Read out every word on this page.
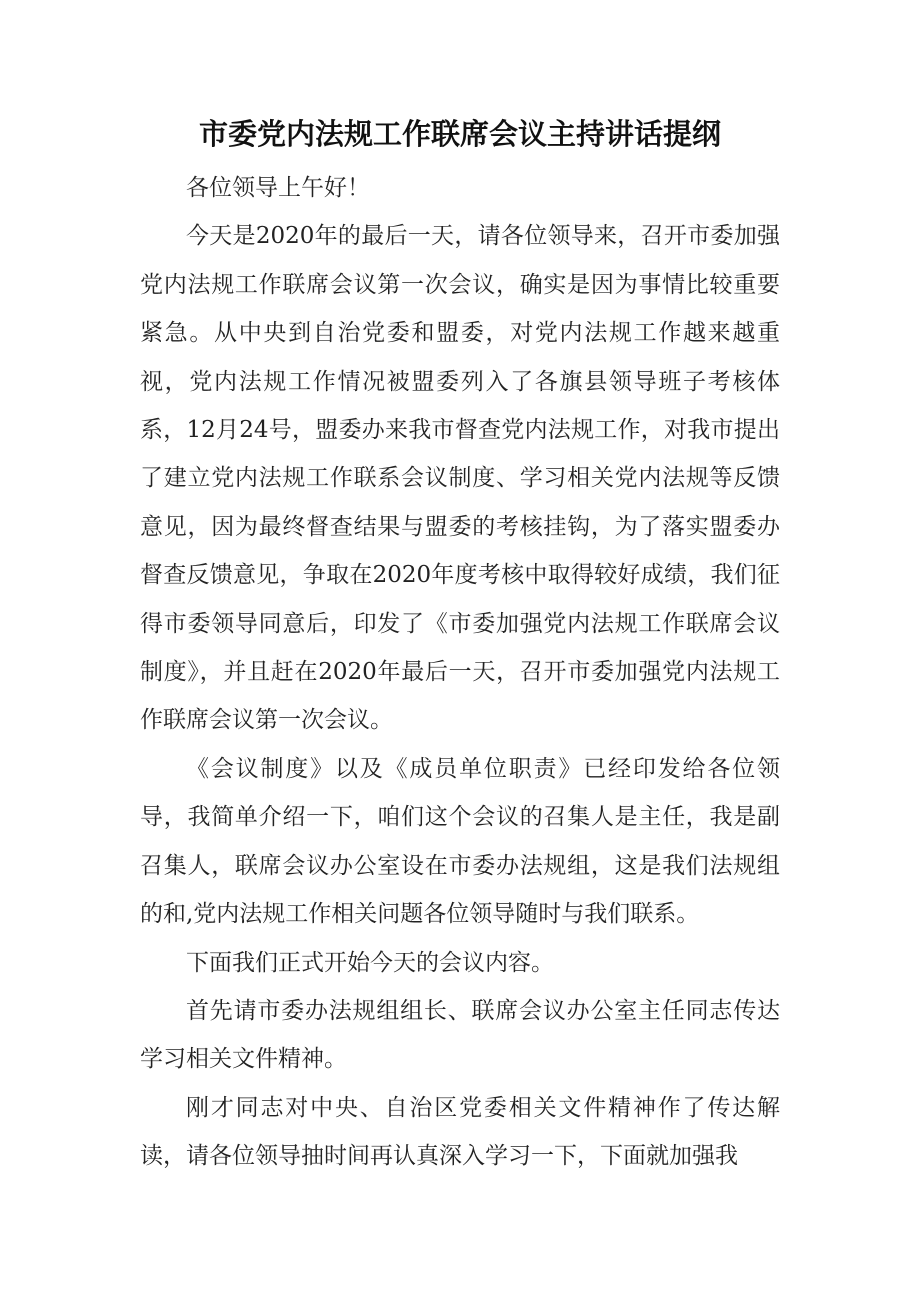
市委党内法规工作联席会议主持讲话提纲

各位领导上午好！

今天是2020年的最后一天，请各位领导来，召开市委加强党内法规工作联席会议第一次会议，确实是因为事情比较重要紧急。从中央到自治党委和盟委，对党内法规工作越来越重视，党内法规工作情况被盟委列入了各旗县领导班子考核体系，12月24号，盟委办来我市督查党内法规工作，对我市提出了建立党内法规工作联系会议制度、学习相关党内法规等反馈意见，因为最终督查结果与盟委的考核挂钩，为了落实盟委办督查反馈意见，争取在2020年度考核中取得较好成绩，我们征得市委领导同意后，印发了《市委加强党内法规工作联席会议制度》，并且赶在2020年最后一天，召开市委加强党内法规工作联席会议第一次会议。

《会议制度》以及《成员单位职责》已经印发给各位领导，我简单介绍一下，咱们这个会议的召集人是主任，我是副召集人，联席会议办公室设在市委办法规组，这是我们法规组的和,党内法规工作相关问题各位领导随时与我们联系。

下面我们正式开始今天的会议内容。

首先请市委办法规组组长、联席会议办公室主任同志传达学习相关文件精神。

刚才同志对中央、自治区党委相关文件精神作了传达解读，请各位领导抽时间再认真深入学习一下，下面就加强我
